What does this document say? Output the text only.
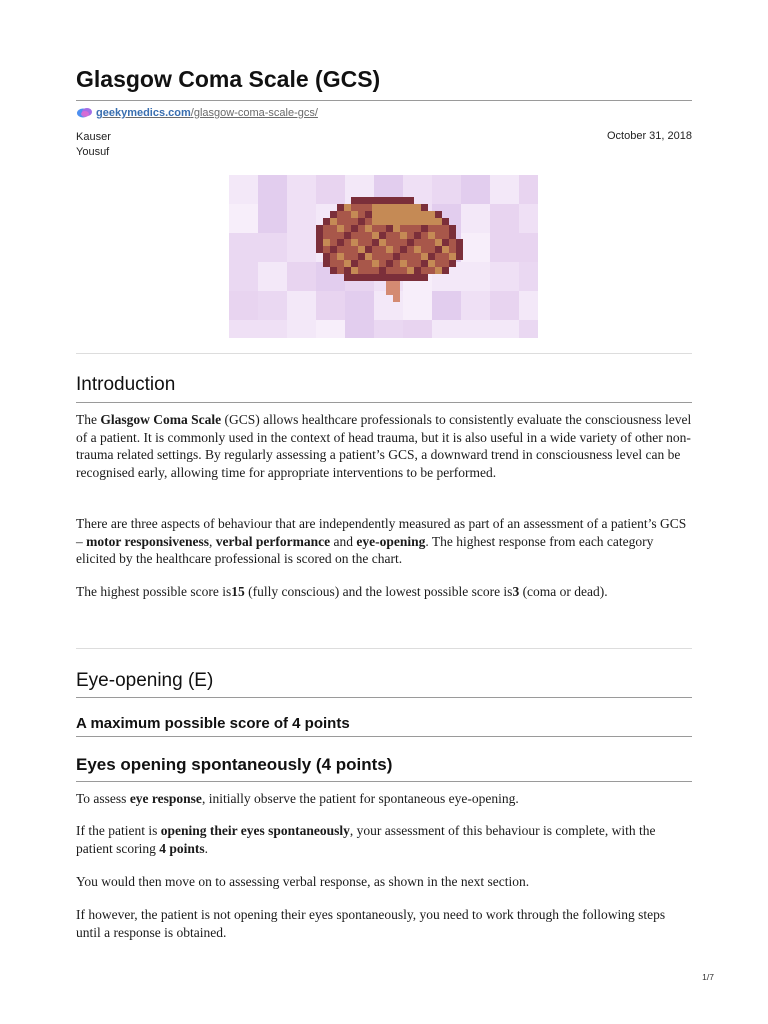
Glasgow Coma Scale (GCS)
geekymedics.com/glasgow-coma-scale-gcs/
Kauser
Yousuf
October 31, 2018
Introduction

The Glasgow Coma Scale (GCS) allows healthcare professionals to consistently evaluate the consciousness level of a patient. It is commonly used in the context of head trauma, but it is also useful in a wide variety of other non-trauma related settings. By regularly assessing a patient’s GCS, a downward trend in consciousness level can be recognised early, allowing time for appropriate interventions to be performed.

There are three aspects of behaviour that are independently measured as part of an assessment of a patient’s GCS – motor responsiveness, verbal performance and eye-opening. The highest response from each category elicited by the healthcare professional is scored on the chart.

The highest possible score is15 (fully conscious) and the lowest possible score is3 (coma or dead).

Eye-opening (E)
A maximum possible score of 4 points
Eyes opening spontaneously (4 points)

To assess eye response, initially observe the patient for spontaneous eye-opening.

If the patient is opening their eyes spontaneously, your assessment of this behaviour is complete, with the patient scoring 4 points.

You would then move on to assessing verbal response, as shown in the next section.

If however, the patient is not opening their eyes spontaneously, you need to work through the following steps until a response is obtained.

1/7
